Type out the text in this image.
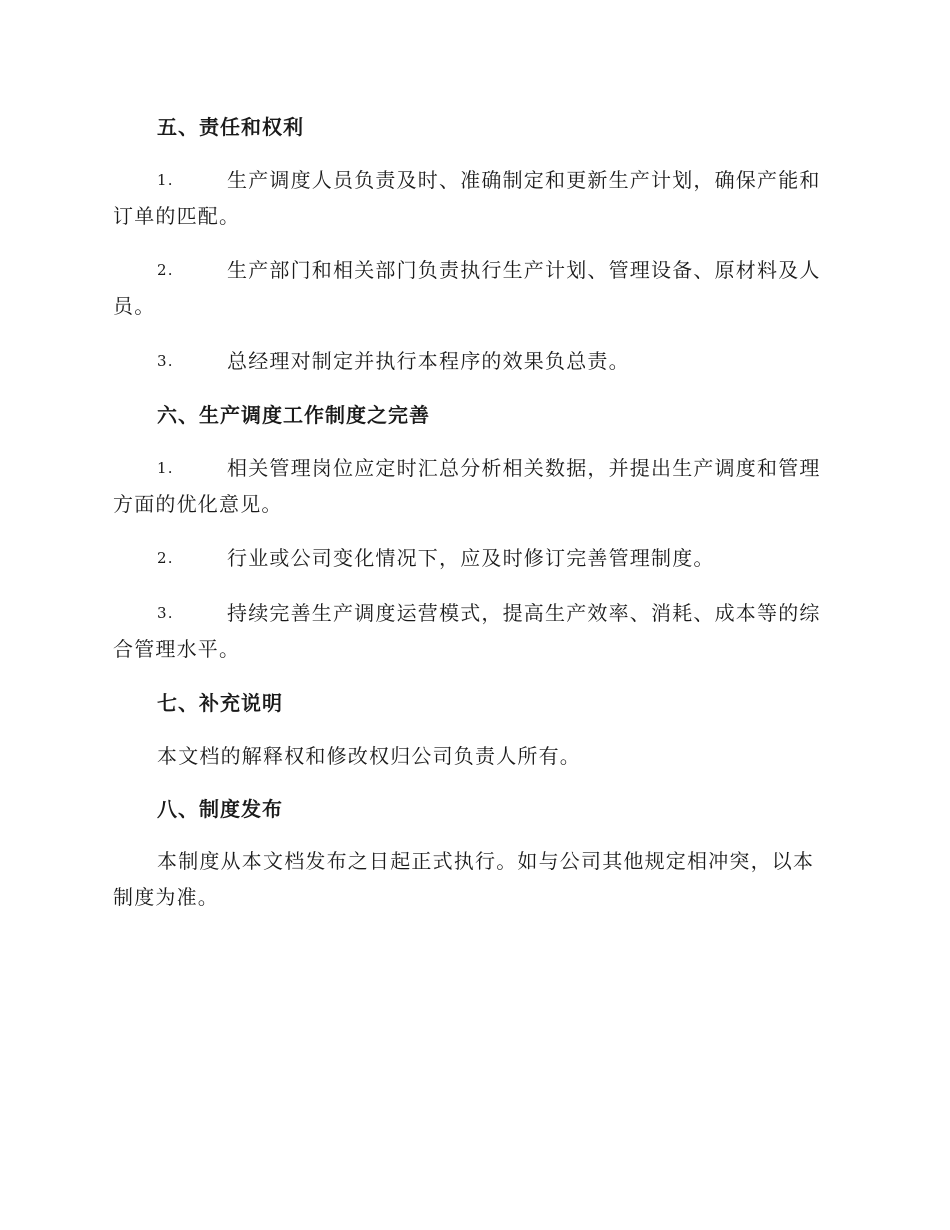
五、责任和权利
1.	生产调度人员负责及时、准确制定和更新生产计划，确保产能和
订单的匹配。
2.	生产部门和相关部门负责执行生产计划、管理设备、原材料及人
员。
3.	总经理对制定并执行本程序的效果负总责。
六、生产调度工作制度之完善
1.	相关管理岗位应定时汇总分析相关数据，并提出生产调度和管理
方面的优化意见。
2.	行业或公司变化情况下，应及时修订完善管理制度。
3.	持续完善生产调度运营模式，提高生产效率、消耗、成本等的综
合管理水平。
七、补充说明
本文档的解释权和修改权归公司负责人所有。
八、制度发布
本制度从本文档发布之日起正式执行。如与公司其他规定相冲突，以本
制度为准。
